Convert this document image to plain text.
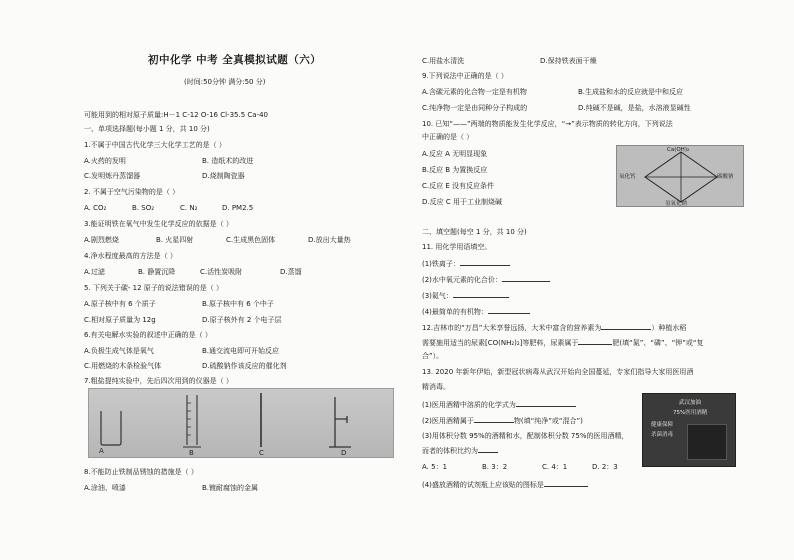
初中化学 中考 全真模拟试题（六）
(时间:50分钟 满分:50 分)
可能用到的相对原子质量:H－1 C-12 O-16 Cl-35.5 Ca-40
一、单项选择题(每小题 1 分，共 10 分)
1.不属于中国古代化学三大化学工艺的是（ ）
A.火药的发明	B. 造纸术的改进
C.发明炼丹蒸馏器	D.烧制陶瓷器
2. 不属于空气污染物的是（ ）
A. CO₂	B. SO₂	C. N₂	D. PM2.5
3.能证明铁在氧气中发生化学反应的依据是（ ）
A.剧烈燃烧	B. 火星四射	C.生成黑色固体	D.放出大量热
4.净水程度最高的方法是（ ）
A.过滤	B. 静置沉降	C.活性炭吸附	D.蒸馏
5. 下列关于碳- 12 原子的说法错误的是（ ）
A.原子核中有 6 个质子	B.原子核中有 6 个中子
C.相对原子质量为 12g	D.原子核外有 2 个电子层
6.有关电解水实验的叙述中正确的是（ ）
A.负极生成气体是氧气	B.通交流电即可开始反应
C.用燃烧的木条检验气体	D.硫酸钠作该反应的催化剂
7.粗盐提纯实验中，先后四次用到的仪器是（ ）
A	B	C	D
8.不能防止铁制品锈蚀的措施是（ ）
A.涂油、喷漆	B.镀耐腐蚀的金属
C.用盐水清洗	D.保持铁表面干燥
9.下列说法中正确的是（ ）
A.含碳元素的化合物一定是有机物	B.生成盐和水的反应就是中和反应
C.纯净物一定是由同种分子构成的	D.纯碱不是碱，是盐，水溶液显碱性
10. 已知“——”两端的物质能发生化学反应，“→”表示物质的转化方向，下列说法
中正确的是（ ）
A.反应 A 无明显现象
B.反应 B 为置换反应
C.反应 E 没有反应条件
D.反应 C 用于工业制烧碱
Ca(OH)₂
氧化钙	碳酸钠
氢氧化钠
二、填空题(每空 1 分，共 10 分)
11. 用化学用语填空。
(1)铁离子：
(2)水中氧元素的化合价：
(3)氦气：
(4)最简单的有机物：
12.吉林市的“万昌”大米享誉远扬，大米中富含的营养素为	）种植水稻
需要施用适当的尿素[CO(NH₂)₂]等肥料，尿素属于	肥(填“氮”、“磷”、“钾”或“复
合”）。
13. 2020 年新年伊始，新型冠状病毒从武汉开始向全国蔓延，专家们指导大家用医用酒
精消毒。
(1)医用酒精中溶质的化学式为
(2)医用酒精属于	物(填“纯净”或“混合”)
(3)用体积分数 95%的酒精和水，配制体积分数 75%的医用酒精，
而者的体积比约为
A. 5：1	B. 3：2	C. 4：1	D. 2：3
(4)盛放酒精的试剂瓶上应该贴的图标是
武汉加油
75%医用酒精
健康保障
杀菌消毒
